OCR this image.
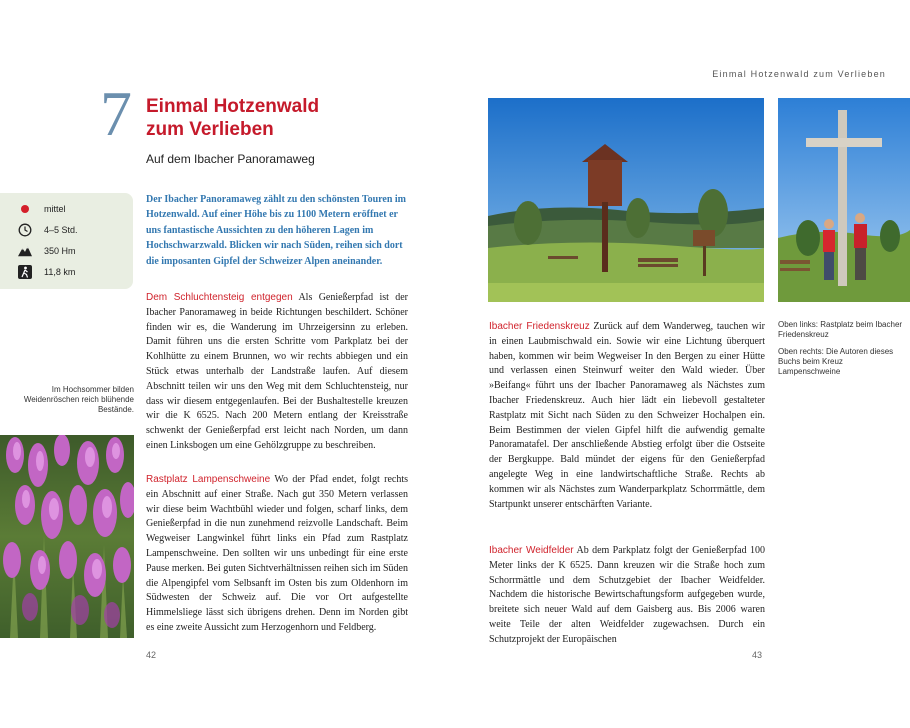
Einmal Hotzenwald zum Verlieben
7 Einmal Hotzenwald
zum Verlieben
Auf dem Ibacher Panoramaweg
mittel
4–5 Std.
350 Hm
11,8 km
Der Ibacher Panoramaweg zählt zu den schönsten Touren im Hotzenwald. Auf einer Höhe bis zu 1100 Metern eröffnet er uns fantastische Aussichten zu den höheren Lagen im Hochschwarzwald. Blicken wir nach Süden, reihen sich dort die imposanten Gipfel der Schweizer Alpen aneinander.
Dem Schluchtensteig entgegen Als Genießerpfad ist der Ibacher Panoramaweg in beide Richtungen beschildert. Schöner finden wir es, die Wanderung im Uhrzeigersinn zu erleben. Damit führen uns die ersten Schritte vom Parkplatz bei der Kohlhütte zu einem Brunnen, wo wir rechts abbiegen und ein Stück etwas unterhalb der Landstraße laufen. Auf diesem Abschnitt teilen wir uns den Weg mit dem Schluchtensteig, nur dass wir diesem entgegenlaufen. Bei der Bushaltestelle kreuzen wir die K 6525. Nach 200 Metern entlang der Kreisstraße schwenkt der Genießerpfad erst leicht nach Norden, um dann einen Linksbogen um eine Gehölzgruppe zu beschreiben.
Rastplatz Lampenschweine Wo der Pfad endet, folgt rechts ein Abschnitt auf einer Straße. Nach gut 350 Metern verlassen wir diese beim Wachtbühl wieder und folgen, scharf links, dem Genießerpfad in die nun zunehmend reizvolle Landschaft. Beim Wegweiser Langwinkel führt links ein Pfad zum Rastplatz Lampenschweine. Den sollten wir uns unbedingt für eine erste Pause merken. Bei guten Sichtverhältnissen reihen sich im Süden die Alpengipfel vom Selbsanft im Osten bis zum Oldenhorn im Südwesten der Schweiz auf. Die vor Ort aufgestellte Himmelsliege lässt sich übrigens drehen. Denn im Norden gibt es eine zweite Aussicht zum Herzogenhorn und Feldberg.
Im Hochsommer bilden Weidenröschen reich blühende Bestände.

Oben links: Rastplatz beim Ibacher Friedenskreuz

Oben rechts: Die Autoren dieses Buchs beim Kreuz Lampenschweine

Ibacher Friedenskreuz Zurück auf dem Wanderweg, tauchen wir in einen Laubmischwald ein. Sowie wir eine Lichtung überquert haben, kommen wir beim Wegweiser In den Bergen zu einer Hütte und verlassen einen Steinwurf weiter den Wald wieder. Über »Beifang« führt uns der Ibacher Panoramaweg als Nächstes zum Ibacher Friedenskreuz. Auch hier lädt ein liebevoll gestalteter Rastplatz mit Sicht nach Süden zu den Schweizer Hochalpen ein. Beim Bestimmen der vielen Gipfel hilft die aufwendig gemalte Panoramatafel. Der anschließende Abstieg erfolgt über die Ostseite der Bergkuppe. Bald mündet der eigens für den Genießerpfad angelegte Weg in eine landwirtschaftliche Straße. Rechts ab kommen wir als Nächstes zum Wanderparkplatz Schorrmättle, dem Startpunkt unserer entschärften Variante.
Ibacher Weidfelder Ab dem Parkplatz folgt der Genießerpfad 100 Meter links der K 6525. Dann kreuzen wir die Straße hoch zum Schorrmättle und dem Schutzgebiet der Ibacher Weidfelder. Nachdem die historische Bewirtschaftungsform aufgegeben wurde, breitete sich neuer Wald auf dem Gaisberg aus. Bis 2006 waren weite Teile der alten Weidfelder zugewachsen. Durch ein Schutzprojekt der Europäischen
42	43
